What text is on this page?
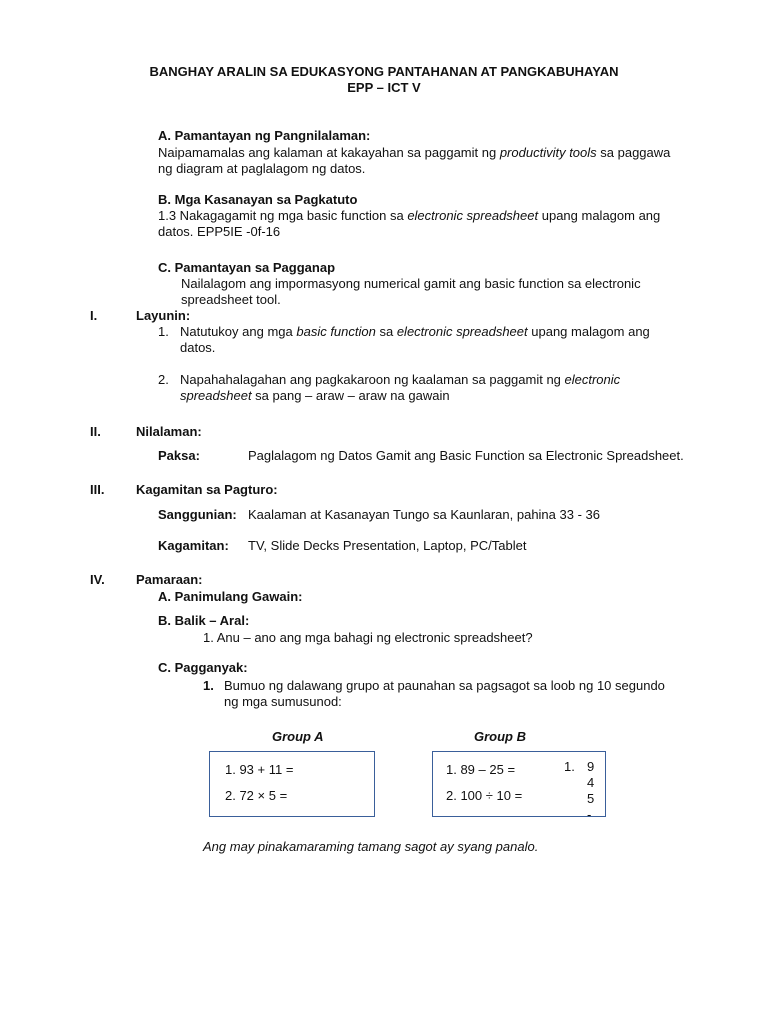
BANGHAY ARALIN SA EDUKASYONG PANTAHANAN AT PANGKABUHAYAN
EPP – ICT V
A. Pamantayan ng Pangnilalaman:
Naipamamalas ang kalaman at kakayahan sa paggamit ng productivity tools sa paggawa
ng diagram at paglalagom ng datos.
B. Mga Kasanayan sa Pagkatuto
1.3 Nakagagamit ng mga basic function sa electronic spreadsheet upang malagom ang
datos. EPP5IE -0f-16
C. Pamantayan sa Pagganap
Nailalagom ang impormasyong numerical gamit ang basic function sa electronic
spreadsheet tool.
I.	Layunin:
1. Natutukoy ang mga basic function sa electronic spreadsheet upang malagom ang
datos.
2. Napahahalagahan ang pagkakaroon ng kaalaman sa paggamit ng electronic
spreadsheet sa pang – araw – araw na gawain
II.	Nilalaman:
Paksa:	Paglalagom ng Datos Gamit ang Basic Function sa Electronic Spreadsheet.
III. Kagamitan sa Pagturo:
Sanggunian: Kaalaman at Kasanayan Tungo sa Kaunlaran, pahina 33 - 36
Kagamitan: TV, Slide Decks Presentation, Laptop, PC/Tablet
IV. Pamaraan:
A. Panimulang Gawain:
B. Balik – Aral:
1. Anu – ano ang mga bahagi ng electronic spreadsheet?
C. Pagganyak:
1. Bumuo ng dalawang grupo at paunahan sa pagsagot sa loob ng 10 segundo
ng mga sumusunod:
Group A	Group B
1. 93 + 11 =
2. 72 × 5 =
1. 89 – 25 =
2. 100 ÷ 10 =
1. 9
4
5
-
Ang may pinakamaraming tamang sagot ay syang panalo.
